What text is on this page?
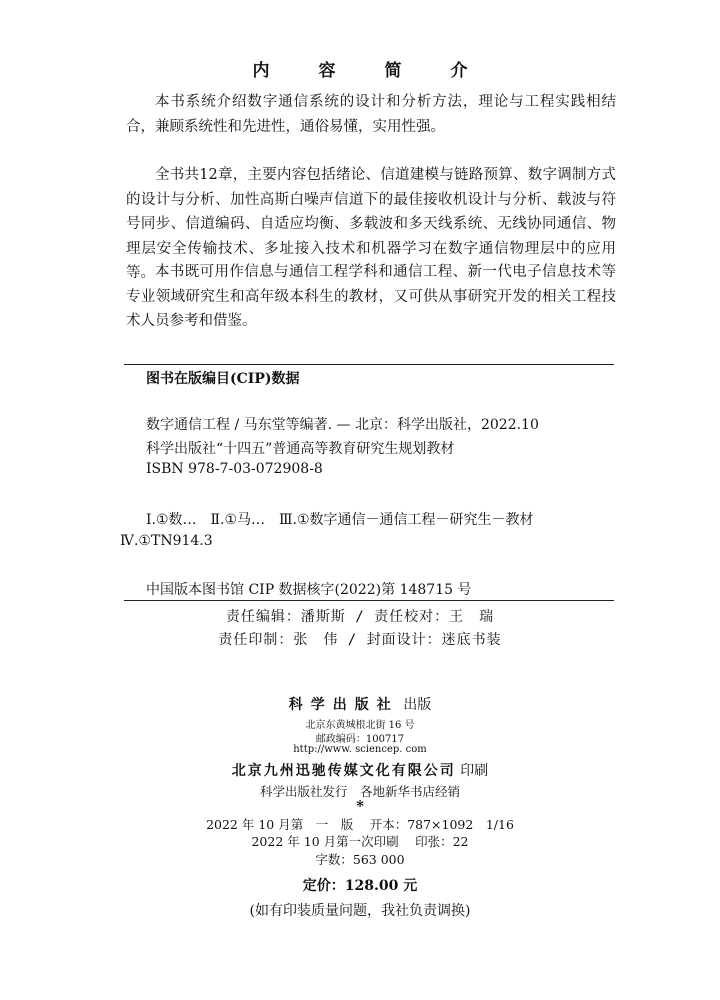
内　容　简　介
本书系统介绍数字通信系统的设计和分析方法，理论与工程实践相结合，兼顾系统性和先进性，通俗易懂，实用性强。
全书共12章，主要内容包括绪论、信道建模与链路预算、数字调制方式的设计与分析、加性高斯白噪声信道下的最佳接收机设计与分析、载波与符号同步、信道编码、自适应均衡、多载波和多天线系统、无线协同通信、物理层安全传输技术、多址接入技术和机器学习在数字通信物理层中的应用等。 本书既可用作信息与通信工程学科和通信工程、新一代电子信息技术等专业领域研究生和高年级本科生的教材，又可供从事研究开发的相关工程技术人员参考和借鉴。
图书在版编目(CIP)数据
数字通信工程 / 马东堂等编著. — 北京：科学出版社，2022.10
科学出版社“十四五”普通高等教育研究生规划教材
ISBN 978-7-03-072908-8
Ⅰ.①数…　Ⅱ.①马…　Ⅲ.①数字通信－通信工程－研究生－教材
Ⅳ.①TN914.3
中国版本图书馆 CIP 数据核字(2022)第 148715 号
责任编辑：潘斯斯 / 责任校对：王　瑞
责任印制：张　伟 / 封面设计：迷底书装
科学出版社 出版
北京东黄城根北街 16 号
邮政编码：100717
http://www. sciencep. com
北京九州迅驰传媒文化有限公司 印刷
科学出版社发行　各地新华书店经销
*
2022 年 10 月第　一　版　 开本：787×1092　1/16
2022 年 10 月第一次印刷　 印张：22
字数：563 000
定价：128.00 元
(如有印装质量问题，我社负责调换)
